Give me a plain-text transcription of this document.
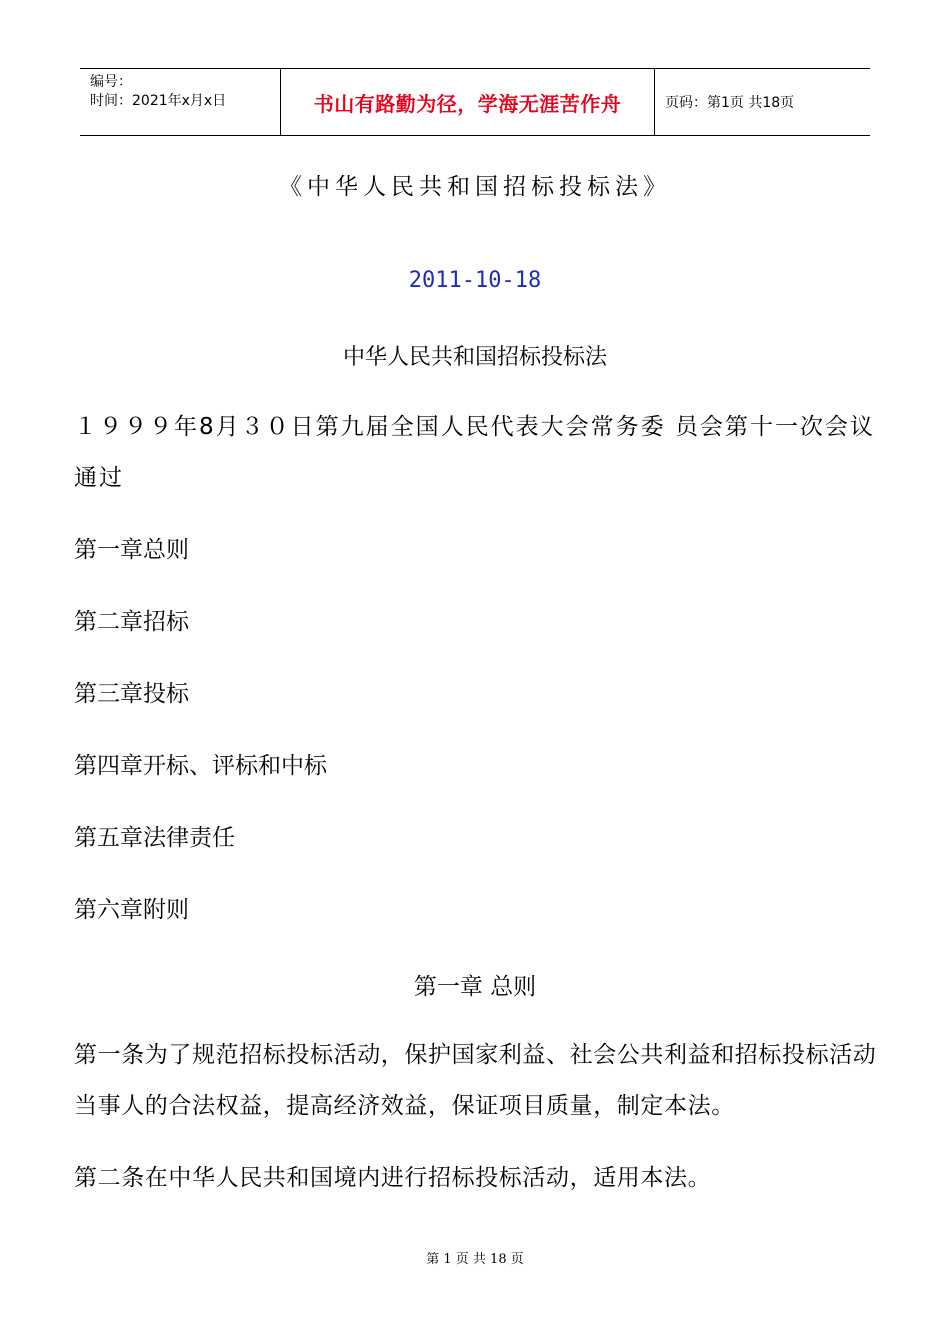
编号：
时间：2021年x月x日	书山有路勤为径，学海无涯苦作舟	页码：第1页 共18页
《中华人民共和国招标投标法》
2011-10-18
中华人民共和国招标投标法
１９９９年8月３０日第九届全国人民代表大会常务委 员会第十一次会议通过
第一章总则
第二章招标
第三章投标
第四章开标、评标和中标
第五章法律责任
第六章附则
第一章 总则
第一条为了规范招标投标活动，保护国家利益、社会公共利益和招标投标活动当事人的合法权益，提高经济效益，保证项目质量，制定本法。
第二条在中华人民共和国境内进行招标投标活动，适用本法。
第 1 页 共 18 页
